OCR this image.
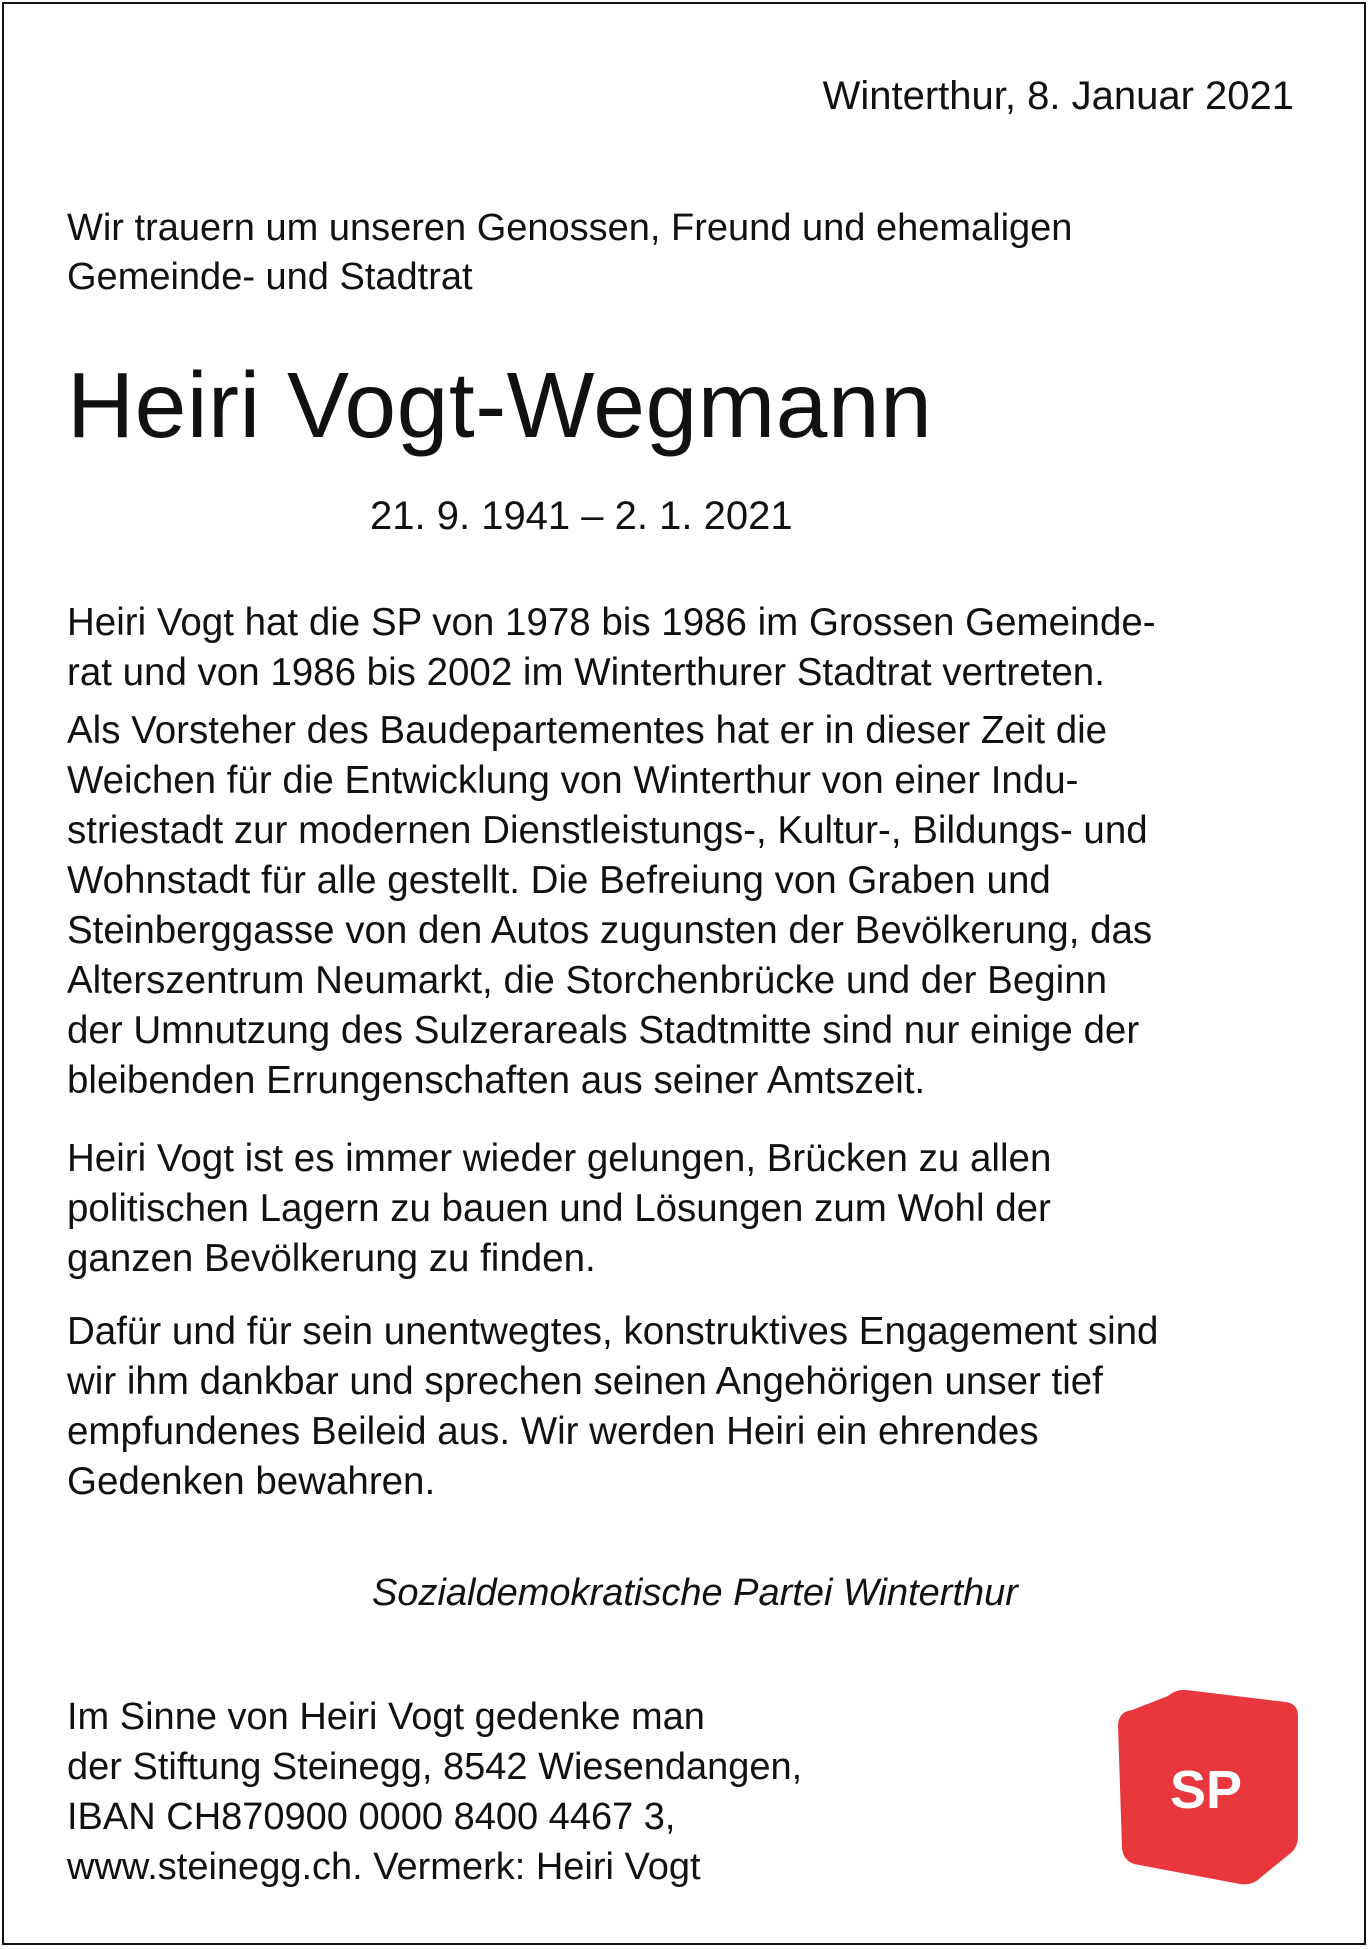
Winterthur, 8. Januar 2021
Wir trauern um unseren Genossen, Freund und ehemaligen
Gemeinde- und Stadtrat
Heiri Vogt-Wegmann
21. 9. 1941 – 2. 1. 2021
Heiri Vogt hat die SP von 1978 bis 1986 im Grossen Gemeinde-
rat und von 1986 bis 2002 im Winterthurer Stadtrat vertreten.
Als Vorsteher des Baudepartementes hat er in dieser Zeit die
Weichen für die Entwicklung von Winterthur von einer Indu-
striestadt zur modernen Dienstleistungs-, Kultur-, Bildungs- und
Wohnstadt für alle gestellt. Die Befreiung von Graben und
Steinberggasse von den Autos zugunsten der Bevölkerung, das
Alterszentrum Neumarkt, die Storchenbrücke und der Beginn
der Umnutzung des Sulzerareals Stadtmitte sind nur einige der
bleibenden Errungenschaften aus seiner Amtszeit.
Heiri Vogt ist es immer wieder gelungen, Brücken zu allen
politischen Lagern zu bauen und Lösungen zum Wohl der
ganzen Bevölkerung zu finden.
Dafür und für sein unentwegtes, konstruktives Engagement sind
wir ihm dankbar und sprechen seinen Angehörigen unser tief
empfundenes Beileid aus. Wir werden Heiri ein ehrendes
Gedenken bewahren.
Sozialdemokratische Partei Winterthur
Im Sinne von Heiri Vogt gedenke man
der Stiftung Steinegg, 8542 Wiesendangen,
IBAN CH870900 0000 8400 4467 3,
www.steinegg.ch. Vermerk: Heiri Vogt
SP
